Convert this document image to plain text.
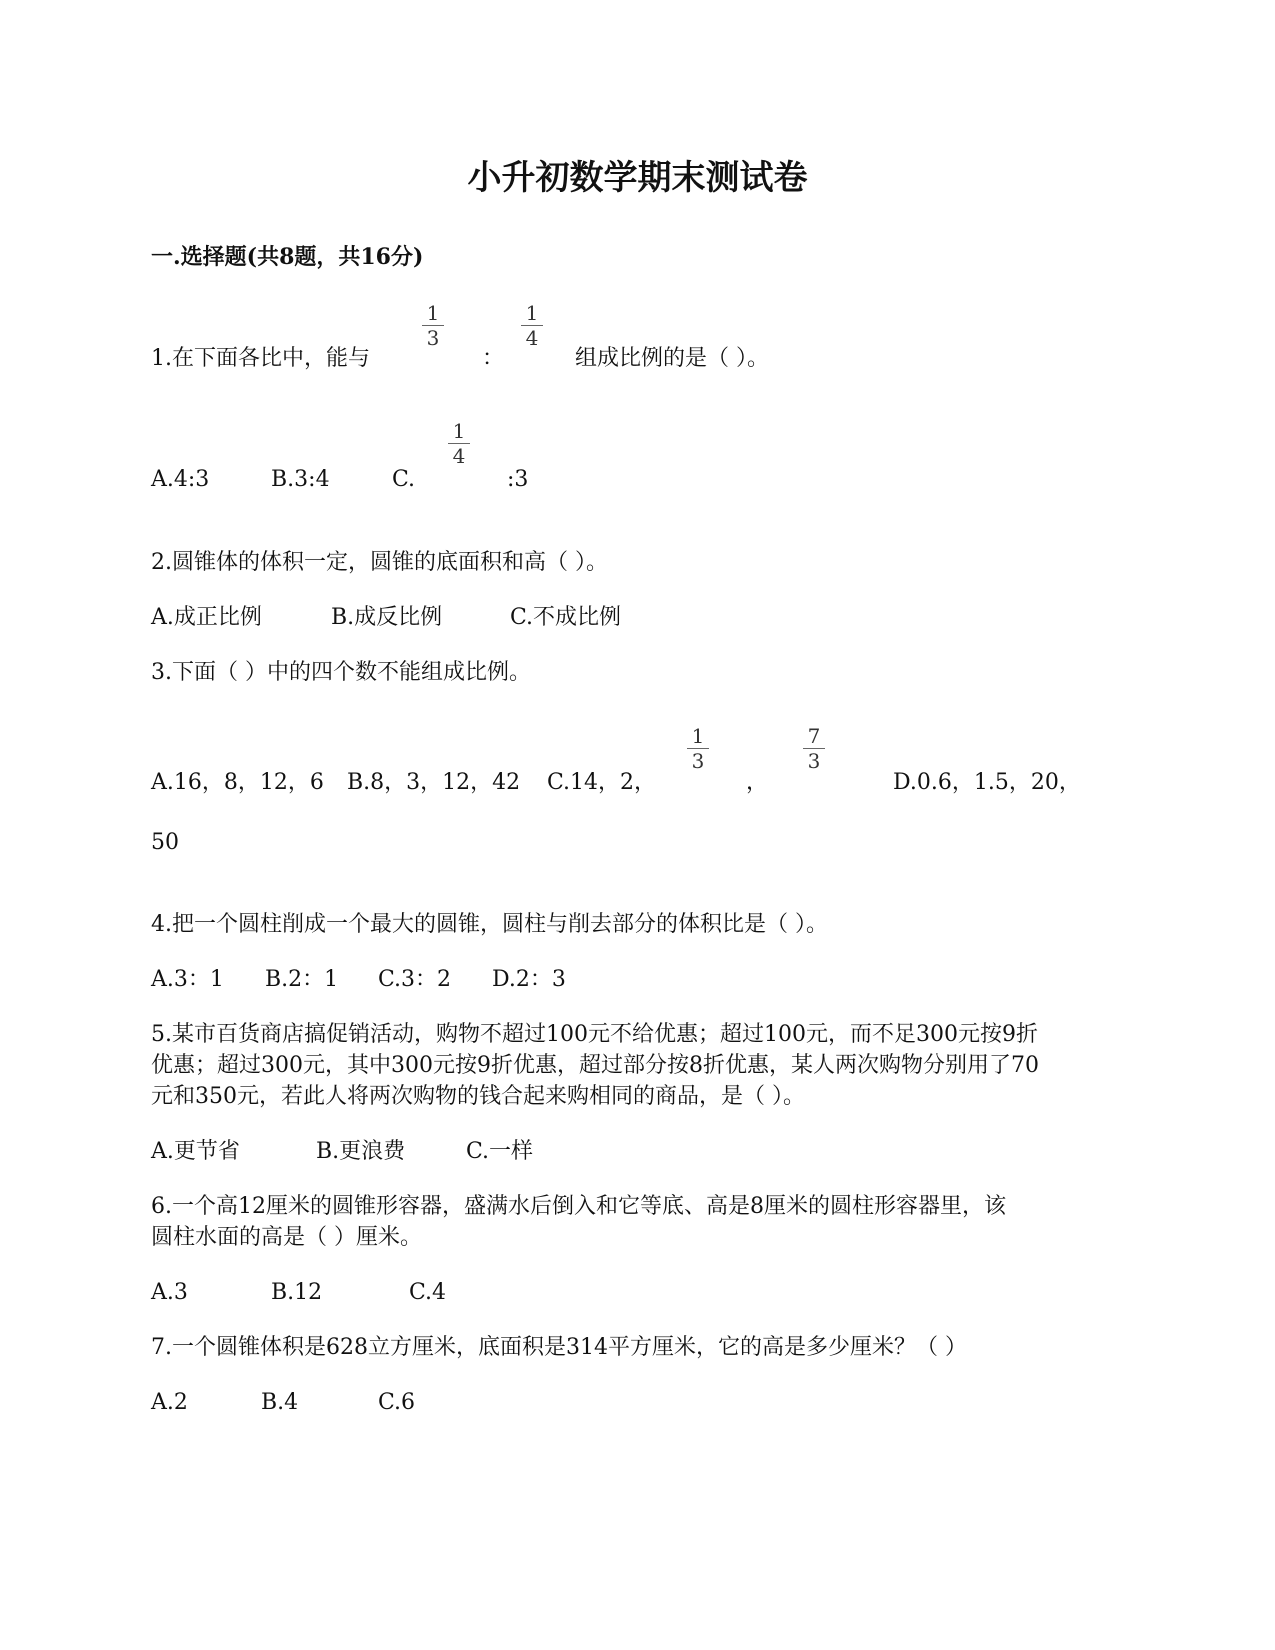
小升初数学期末测试卷
一.选择题(共8题，共16分)
1.在下面各比中，能与
1
3
：
1
4
组成比例的是（ ）。
A.4:3	B.3:4	C.
1
4
:3
2.圆锥体的体积一定，圆锥的底面积和高（ ）。
A.成正比例	B.成反比例	C.不成比例
3.下面（ ）中的四个数不能组成比例。
A.16，8，12，6 B.8，3，12，42 C.14，2，
1
3
，
7
3
D.0.6，1.5，20，
50
4.把一个圆柱削成一个最大的圆锥，圆柱与削去部分的体积比是（ ）。
A.3：1 B.2：1 C.3：2 D.2：3
5.某市百货商店搞促销活动，购物不超过100元不给优惠；超过100元，而不足300元按9折
优惠；超过300元，其中300元按9折优惠，超过部分按8折优惠，某人两次购物分别用了70
元和350元，若此人将两次购物的钱合起来购相同的商品，是（ ）。
A.更节省	B.更浪费	C.一样
6.一个高12厘米的圆锥形容器，盛满水后倒入和它等底、高是8厘米的圆柱形容器里，该
圆柱水面的高是（ ）厘米。
A.3	B.12	C.4
7.一个圆锥体积是628立方厘米，底面积是314平方厘米，它的高是多少厘米？（ ）
A.2	B.4	C.6
